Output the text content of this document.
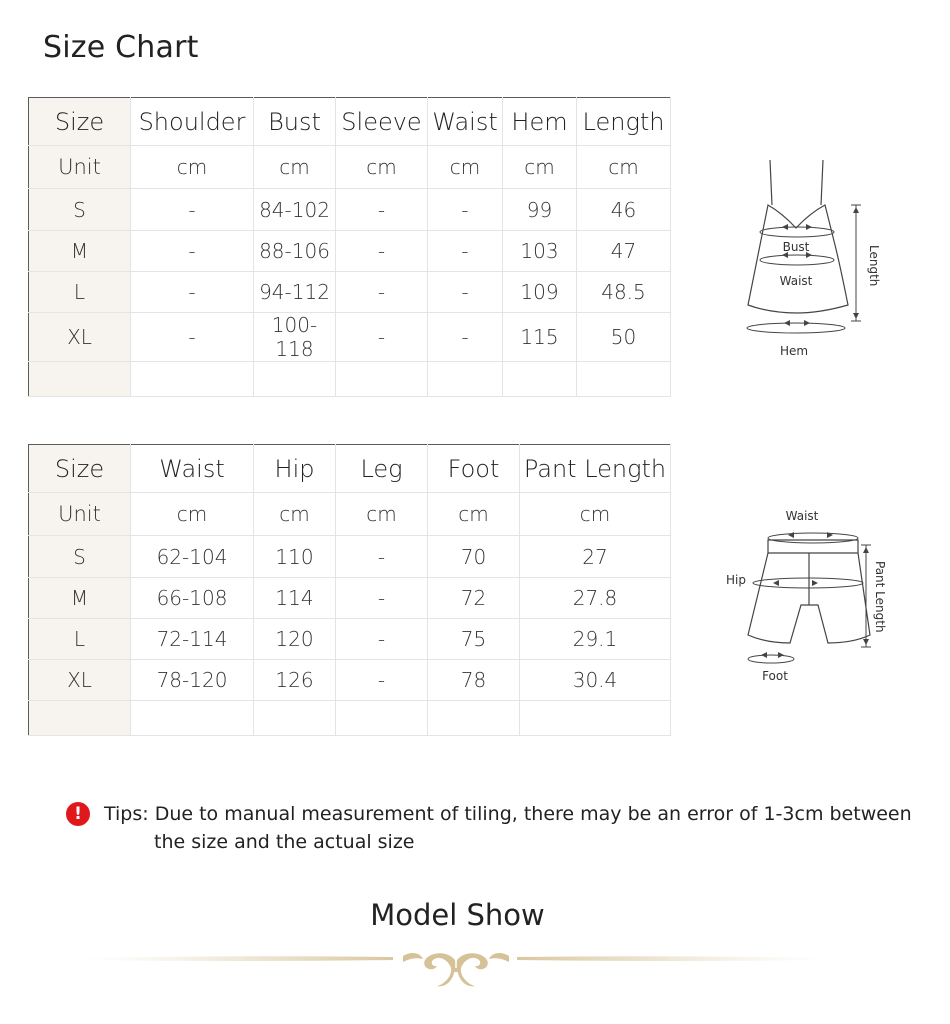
Size Chart
Size	Shoulder	Bust	Sleeve	Waist	Hem	Length
Unit	cm	cm	cm	cm	cm	cm
S	-	84-102	-	-	99	46
M	-	88-106	-	-	103	47
L	-	94-112	-	-	109	48.5
XL	-	100-118	-	-	115	50

Bust
Waist
Hem
Length
Size	Waist	Hip	Leg	Foot	Pant Length
Unit	cm	cm	cm	cm	cm
S	62-104	110	-	70	27
M	66-108	114	-	72	27.8
L	72-114	120	-	75	29.1
XL	78-120	126	-	78	30.4

Waist
Hip
Foot
Pant Length
!	Tips: Due to manual measurement of tiling, there may be an error of 1-3cm between
the size and the actual size
Model Show
